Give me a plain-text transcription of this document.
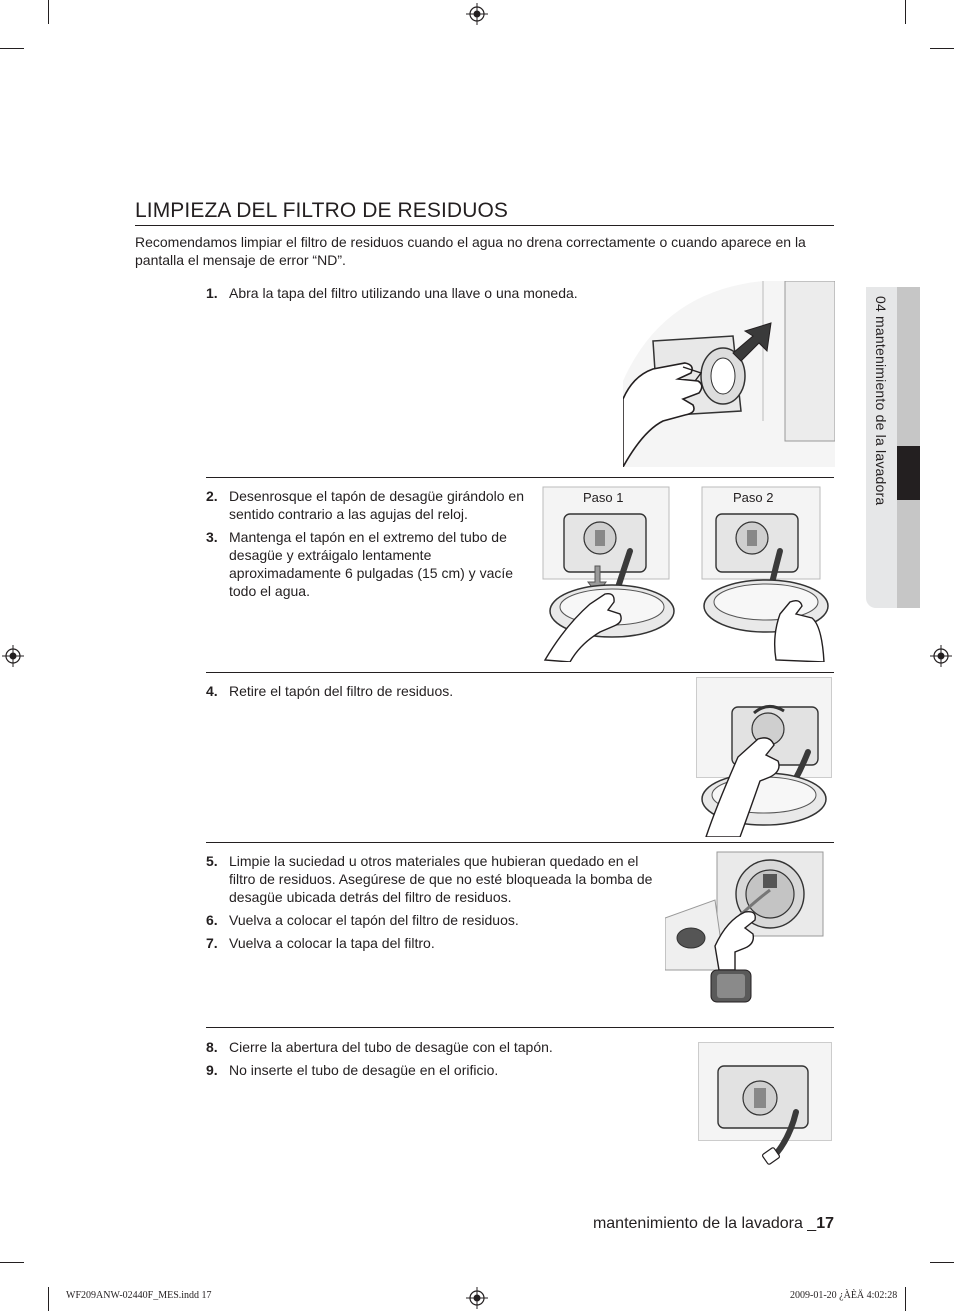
LIMPIEZA DEL FILTRO DE RESIDUOS

Recomendamos limpiar el filtro de residuos cuando el agua no drena correctamente o cuando aparece en la pantalla el mensaje de error “ND”.

1. Abra la tapa del filtro utilizando una llave o una moneda.
2. Desenrosque el tapón de desagüe girándolo en sentido contrario a las agujas del reloj.
3. Mantenga el tapón en el extremo del tubo de desagüe y extráigalo lentamente aproximadamente 6 pulgadas (15 cm) y vacíe todo el agua.
Paso 1	Paso 2
4. Retire el tapón del filtro de residuos.
5. Limpie la suciedad u otros materiales que hubieran quedado en el filtro de residuos. Asegúrese de que no esté bloqueada la bomba de desagüe ubicada detrás del filtro de residuos.
6. Vuelva a colocar el tapón del filtro de residuos.
7. Vuelva a colocar la tapa del filtro.
8. Cierre la abertura del tubo de desagüe con el tapón.
9. No inserte el tubo de desagüe en el orificio.
04 mantenimiento de la lavadora
mantenimiento de la lavadora _17
WF209ANW-02440F_MES.indd 17	2009-01-20 ¿ÀÈÄ 4:02:28
